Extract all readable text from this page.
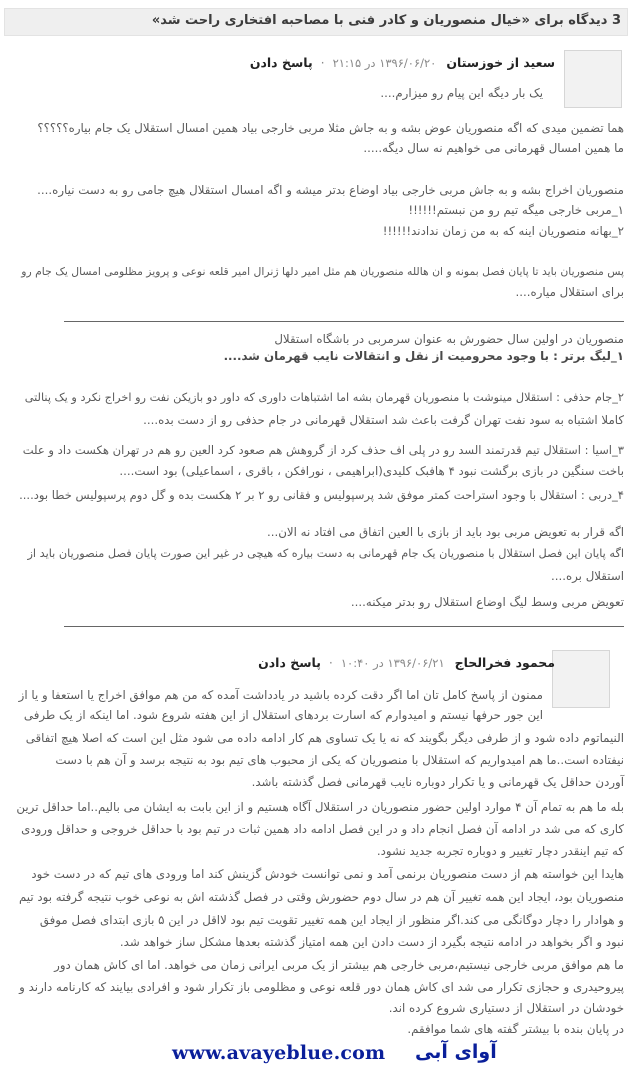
3 دیدگاه برای «خیال منصوریان و کادر فنی با مصاحبه افتخاری راحت شد»
سعید از خوزستان ۱۳۹۶/۰۶/۲۰ در ۲۱:۱۵ · پاسخ دادن
یک بار دیگه این پیام رو میزارم....
هما تضمین میدی که اگه منصوریان عوض بشه و به جاش مثلا مربی خارجی بیاد همین امسال استقلال یک جام بیاره؟؟؟؟؟
ما همین امسال قهرمانی می خواهیم نه سال دیگه.....
منصوریان اخراج بشه و به جاش مربی خارجی بیاد اوضاع بدتر میشه و اگه امسال استقلال هیچ جامی رو به دست نیاره....
۱_مربی خارجی میگه تیم رو من نبستم!!!!!!
۲_بهانه منصوریان اینه که به من زمان ندادند!!!!!!
پس منصوریان باید تا پایان فصل بمونه و ان هالله منصوریان هم مثل امیر دلها ژنرال امیر قلعه نوعی و پرویز مظلومی امسال یک جام رو
برای استقلال میاره....
منصوریان در اولین سال حضورش به عنوان سرمربی در باشگاه استقلال
۱_لیگ برتر : با وجود محرومیت از نقل و انتقالات نایب قهرمان شد....
۲_جام حذفی : استقلال مینوشت با منصوریان قهرمان بشه اما اشتباهات داوری که داور دو بازیکن نفت رو اخراج نکرد و یک پنالتی
کاملا اشتباه به سود نفت تهران گرفت باعث شد استقلال قهرمانی در جام حذفی رو از دست بده....
۳_اسیا : استقلال تیم قدرتمند السد رو در پلی اف حذف کرد از گروهش هم صعود کرد العین رو هم در تهران هکست داد و علت
باخت سنگین در بازی برگشت نبود ۴ هافبک کلیدی(ابراهیمی ، نورافکن ، باقری ، اسماعیلی) بود است....
۴_دربی : استقلال با وجود استراحت کمتر موفق شد پرسپولیس و فقانی رو ۲ بر ۲ هکست بده و گل دوم پرسپولیس خطا بود....
اگه قرار به تعویض مربی بود باید از بازی با العین اتفاق می افتاد نه الان...
اگه پایان این فصل استقلال با منصوریان یک جام قهرمانی به دست بیاره که هیچی در غیر این صورت پایان فصل منصوریان باید از
استقلال بره....
تعویض مربی وسط لیگ اوضاع استقلال رو بدتر میکنه....
محمود فخرالحاج ۱۳۹۶/۰۶/۲۱ در ۱۰:۴۰ · پاسخ دادن
ممنون از پاسخ کامل تان اما اگر دقت کرده باشید در یادداشت آمده که من هم موافق اخراج یا استعفا و یا از
این جور حرفها نیستم و امیدوارم که اسارت بردهای استقلال از این هفته شروع شود. اما اینکه از یک طرفی
النیماتوم داده شود و از طرفی دیگر بگویند که نه یا یک تساوی هم کار ادامه داده می شود مثل این است که اصلا هیچ اتفاقی
نیفتاده است..ما هم امیدواریم که استقلال با منصوریان که یکی از محبوب های تیم بود به نتیجه برسد و آن هم با دست
آوردن حداقل یک قهرمانی و یا تکرار دوباره نایب قهرمانی فصل گذشته باشد.
بله ما هم به تمام آن ۴ موارد اولین حضور منصوریان در استقلال آگاه هستیم و از این بابت به ایشان می بالیم..اما حداقل ترین
کاری که می شد در ادامه آن فصل انجام داد و در این فصل ادامه داد همین ثبات در تیم بود با حداقل خروجی و حداقل ورودی
که تیم اینقدر دچار تغییر و دوباره تجربه جدید نشود.
هایدا این خواسته هم از دست منصوریان برنمی آمد و نمی توانست خودش گزینش کند اما ورودی های تیم که در دست خود
منصوریان بود، ایجاد این همه تغییر آن هم در سال دوم حضورش وقتی در فصل گذشته اش به نوعی خوب نتیجه گرفته بود تیم
و هوادار را دچار دوگانگی می کند.اگر منظور از ایجاد این همه تغییر تقویت تیم بود لااقل در این ۵ بازی ابتدای فصل موفق
نبود و اگر بخواهد در ادامه نتیجه بگیرد از دست دادن این همه امتیاز گذشته بعدها مشکل ساز خواهد شد.
ما هم موافق مربی خارجی نیستیم،مربی خارجی هم بیشتر از یک مربی ایرانی زمان می خواهد. اما ای کاش همان دور
پیروحیدری و حجازی تکرار می شد ای کاش همان دور قلعه نوعی و مظلومی باز تکرار شود و افرادی بیایند که کارنامه دارند و
خودشان در استقلال از دستیاری شروع کرده اند.
در پایان بنده با بیشتر گفته های شما موافقم.
www.avayeblue.com آوای آبی
